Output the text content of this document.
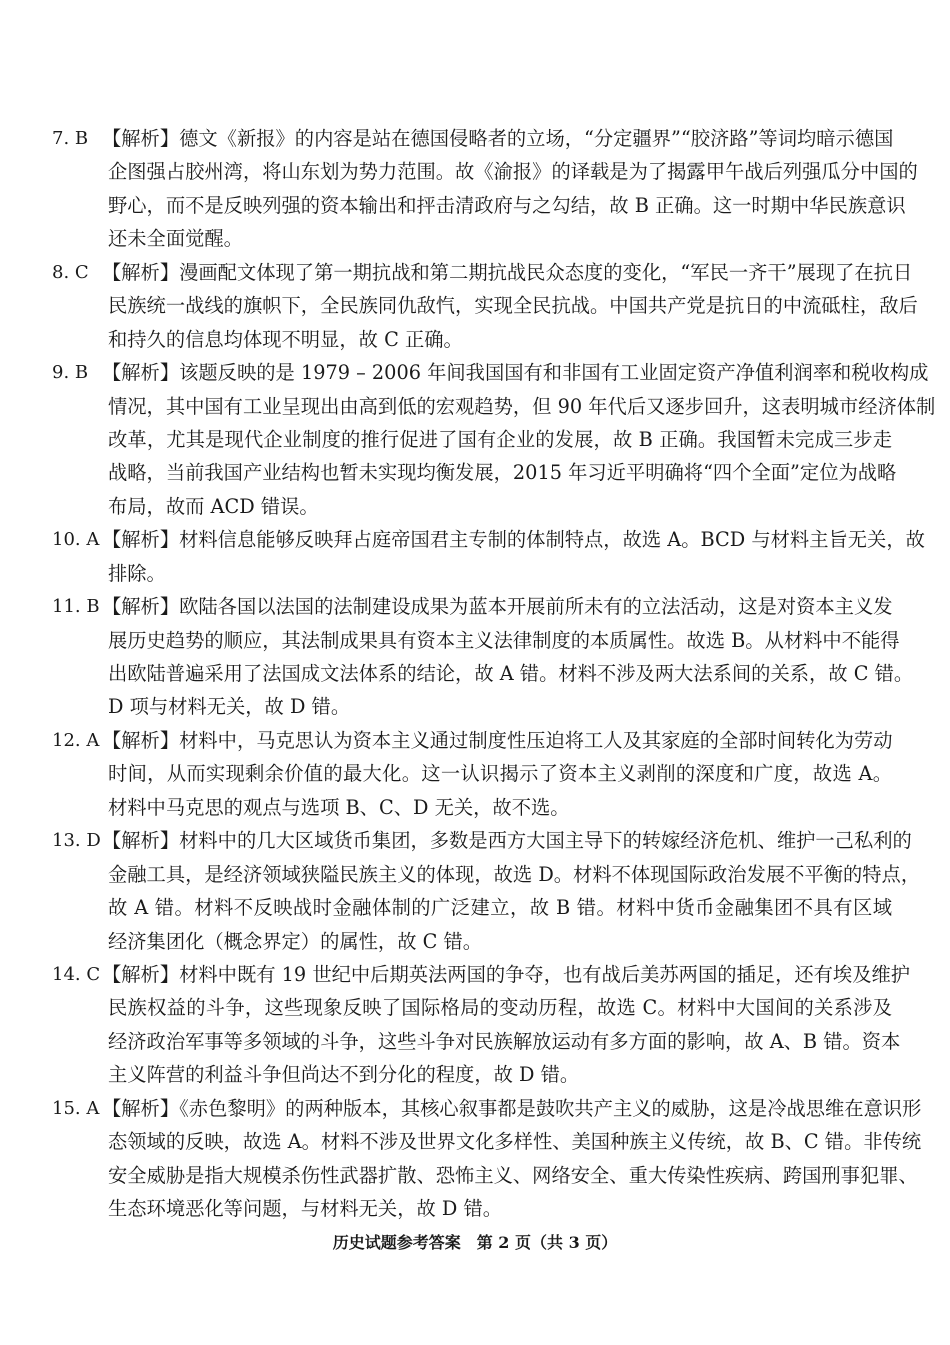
7. B 【解析】德文《新报》的内容是站在德国侵略者的立场，“分定疆界”“胶济路”等词均暗示德国
企图强占胶州湾，将山东划为势力范围。故《渝报》的译载是为了揭露甲午战后列强瓜分中国的
野心，而不是反映列强的资本输出和抨击清政府与之勾结，故 B 正确。这一时期中华民族意识
还未全面觉醒。
8. C 【解析】漫画配文体现了第一期抗战和第二期抗战民众态度的变化，“军民一齐干”展现了在抗日
民族统一战线的旗帜下，全民族同仇敌忾，实现全民抗战。中国共产党是抗日的中流砥柱，敌后
和持久的信息均体现不明显，故 C 正确。
9. B 【解析】该题反映的是 1979 – 2006 年间我国国有和非国有工业固定资产净值利润率和税收构成
情况，其中国有工业呈现出由高到低的宏观趋势，但 90 年代后又逐步回升，这表明城市经济体制
改革，尤其是现代企业制度的推行促进了国有企业的发展，故 B 正确。我国暂未完成三步走
战略，当前我国产业结构也暂未实现均衡发展，2015 年习近平明确将“四个全面”定位为战略
布局，故而 ACD 错误。
10. A 【解析】材料信息能够反映拜占庭帝国君主专制的体制特点，故选 A。BCD 与材料主旨无关，故
排除。
11. B 【解析】欧陆各国以法国的法制建设成果为蓝本开展前所未有的立法活动，这是对资本主义发
展历史趋势的顺应，其法制成果具有资本主义法律制度的本质属性。故选 B。从材料中不能得
出欧陆普遍采用了法国成文法体系的结论，故 A 错。材料不涉及两大法系间的关系，故 C 错。
D 项与材料无关，故 D 错。
12. A 【解析】材料中，马克思认为资本主义通过制度性压迫将工人及其家庭的全部时间转化为劳动
时间，从而实现剩余价值的最大化。这一认识揭示了资本主义剥削的深度和广度，故选 A。
材料中马克思的观点与选项 B、C、D 无关，故不选。
13. D 【解析】材料中的几大区域货币集团，多数是西方大国主导下的转嫁经济危机、维护一己私利的
金融工具，是经济领域狭隘民族主义的体现，故选 D。材料不体现国际政治发展不平衡的特点，
故 A 错。材料不反映战时金融体制的广泛建立，故 B 错。材料中货币金融集团不具有区域
经济集团化（概念界定）的属性，故 C 错。
14. C 【解析】材料中既有 19 世纪中后期英法两国的争夺，也有战后美苏两国的插足，还有埃及维护
民族权益的斗争，这些现象反映了国际格局的变动历程，故选 C。材料中大国间的关系涉及
经济政治军事等多领域的斗争，这些斗争对民族解放运动有多方面的影响，故 A、B 错。资本
主义阵营的利益斗争但尚达不到分化的程度，故 D 错。
15. A 【解析】《赤色黎明》的两种版本，其核心叙事都是鼓吹共产主义的威胁，这是冷战思维在意识形
态领域的反映，故选 A。材料不涉及世界文化多样性、美国种族主义传统，故 B、C 错。非传统
安全威胁是指大规模杀伤性武器扩散、恐怖主义、网络安全、重大传染性疾病、跨国刑事犯罪、
生态环境恶化等问题，与材料无关，故 D 错。
历史试题参考答案　第 2 页（共 3 页）
